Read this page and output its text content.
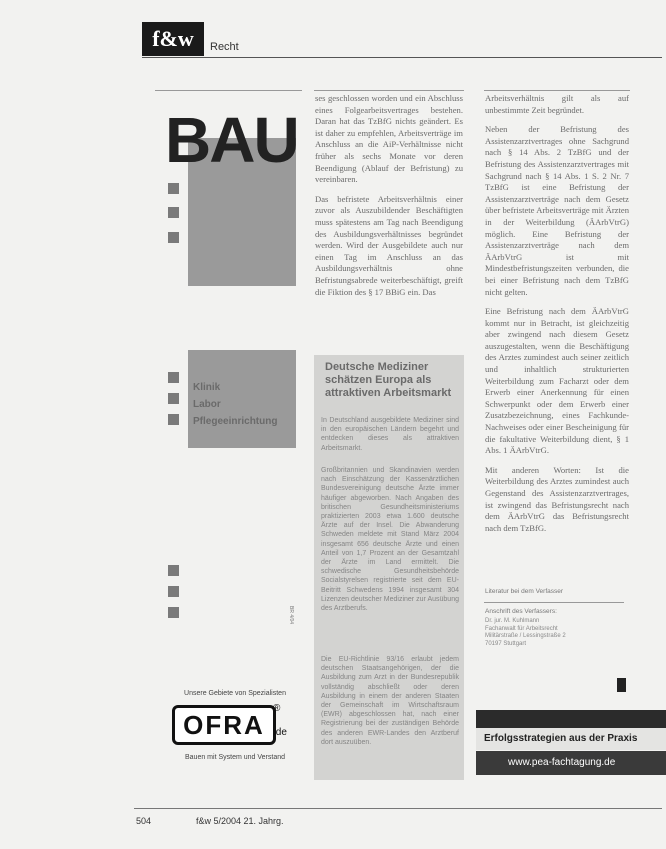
f&w	Recht
BAU
Klinik
Labor
Pflegeeinrichtung
BR 4/04
Unsere Gebiete von Spezialisten
OFRA
®
.de
Bauen mit System und Verstand

ses geschlossen worden und ein Abschluss eines Folgearbeitsvertrages bestehen. Daran hat das TzBfG nichts geändert. Es ist daher zu empfehlen, Arbeitsverträge im Anschluss an die AiP-Verhältnisse nicht früher als sechs Monate vor deren Beendigung (Ablauf der Befristung) zu vereinbaren.

Das befristete Arbeitsverhältnis einer zuvor als Auszubildender Beschäftigten muss spätestens am Tag nach Beendigung des Ausbildungsverhältnisses begründet werden. Wird der Ausgebildete auch nur einen Tag im Anschluss an das Ausbildungsverhältnis ohne Befristungsabrede weiterbeschäftigt, greift die Fiktion des § 17 BBiG ein. Das

Deutsche Mediziner schätzen Europa als attraktiven Arbeitsmarkt
In Deutschland ausgebildete Mediziner sind in den europäischen Ländern begehrt und entdecken dieses als attraktiven Arbeitsmarkt.
Großbritannien und Skandinavien werden nach Einschätzung der Kassenärztlichen Bundesvereinigung deutsche Ärzte immer häufiger abgeworben. Nach Angaben des britischen Gesundheitsministeriums praktizierten 2003 etwa 1.600 deutsche Ärzte auf der Insel. Die Abwanderung Schweden meldete mit Stand März 2004 insgesamt 656 deutsche Ärzte und einen Anteil von 1,7 Prozent an der Gesamtzahl der Ärzte im Land ermittelt. Die schwedische Gesundheitsbehörde Socialstyrelsen registrierte seit dem EU-Beitritt Schwedens 1994 insgesamt 304 Lizenzen deutscher Mediziner zur Ausübung des Arztberufs.
Die EU-Richtlinie 93/16 erlaubt jedem deutschen Staatsangehörigen, der die Ausbildung zum Arzt in der Bundesrepublik vollständig abschließt oder deren Ausbildung in einem der anderen Staaten der Gemeinschaft im Wirtschaftsraum (EWR) abgeschlossen hat, nach einer Registrierung bei der zuständigen Behörde des anderen EWR-Landes den Arztberuf dort auszuüben.

Arbeitsverhältnis gilt als auf unbestimmte Zeit begründet.

Neben der Befristung des Assistenzarztvertrages ohne Sachgrund nach § 14 Abs. 2 TzBfG und der Befristung des Assistenzarztvertrages mit Sachgrund nach § 14 Abs. 1 S. 2 Nr. 7 TzBfG ist eine Befristung der Assistenzarztverträge nach dem Gesetz über befristete Arbeitsverträge mit Ärzten in der Weiterbildung (ÄArbVtrG) möglich. Eine Befristung der Assistenzarztverträge nach dem ÄArbVtrG ist mit Mindestbefristungszeiten verbunden, die bei einer Befristung nach dem TzBfG nicht gelten.

Eine Befristung nach dem ÄArbVtrG kommt nur in Betracht, ist gleichzeitig aber zwingend nach diesem Gesetz auszugestalten, wenn die Beschäftigung des Arztes zumindest auch seiner zeitlich und inhaltlich strukturierten Weiterbildung zum Facharzt oder dem Erwerb einer Anerkennung für einen Schwerpunkt oder dem Erwerb einer Zusatzbezeichnung, eines Fachkunde-Nachweises oder einer Bescheinigung für die fakultative Weiterbildung dient, § 1 Abs. 1 ÄArbVtrG.

Mit anderen Worten: Ist die Weiterbildung des Arztes zumindest auch Gegenstand des Assistenzarztvertrages, ist zwingend das Befristungsrecht nach dem ÄArbVtrG das Befristungsrecht nach dem TzBfG.

Literatur bei dem Verfasser
Anschrift des Verfassers:
Dr. jur. M. Kuhlmann
Fachanwalt für Arbeitsrecht
Militärstraße / Lessingstraße 2
70197 Stuttgart
Erfolgsstrategien aus der Praxis
www.pea-fachtagung.de
504	f&w 5/2004 21. Jahrg.
